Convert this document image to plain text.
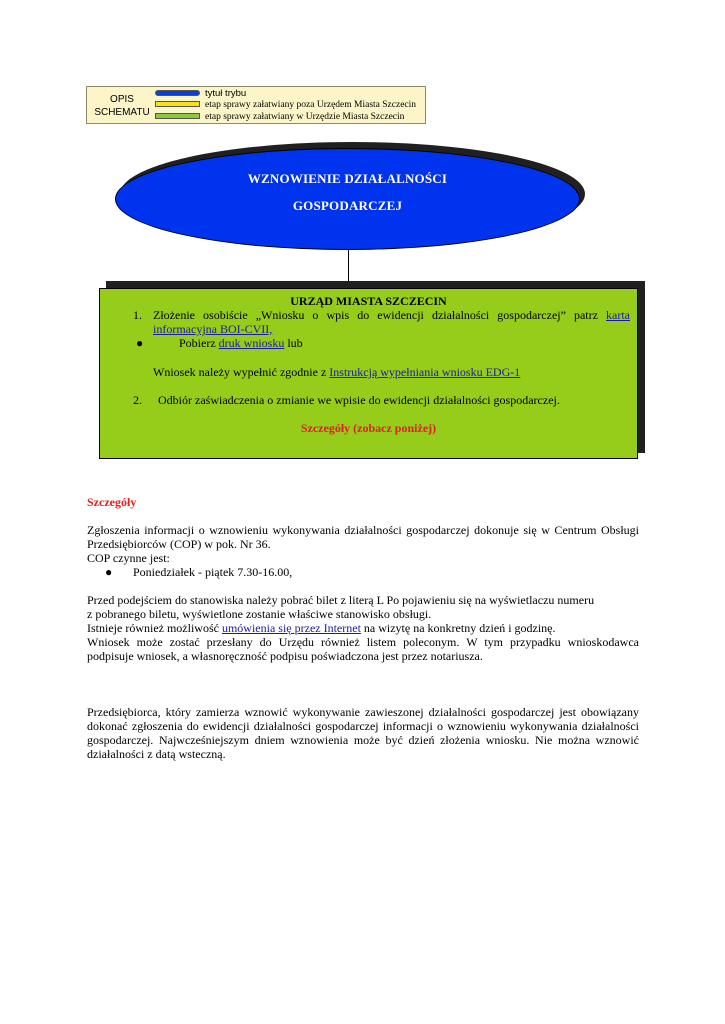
OPIS
SCHEMATU
tytuł trybu
etap sprawy załatwiany poza Urzędem Miasta Szczecin
etap sprawy załatwiany w Urzędzie Miasta Szczecin
WZNOWIENIE DZIAŁALNOŚCI
GOSPODARCZEJ
URZĄD MIASTA SZCZECIN
1. Złożenie osobiście „Wniosku o wpis do ewidencji działalności gospodarczej” patrz karta informacyjna BOI-CVII,
●	Pobierz druk wniosku lub
Wniosek należy wypełnić zgodnie z Instrukcją wypełniania wniosku EDG-1
2. Odbiór zaświadczenia o zmianie we wpisie do ewidencji działalności gospodarczej.
Szczegóły (zobacz poniżej)
Szczegóły
Zgłoszenia informacji o wznowieniu wykonywania działalności gospodarczej dokonuje się w Centrum Obsługi Przedsiębiorców (COP) w pok. Nr 36.
COP czynne jest:
● Poniedziałek - piątek 7.30-16.00,
Przed podejściem do stanowiska należy pobrać bilet z literą L Po pojawieniu się na wyświetlaczu numeru
z pobranego biletu, wyświetlone zostanie właściwe stanowisko obsługi.
Istnieje również możliwość umówienia się przez Internet na wizytę na konkretny dzień i godzinę.
Wniosek może zostać przesłany do Urzędu również listem poleconym. W tym przypadku wnioskodawca podpisuje wniosek, a własnoręczność podpisu poświadczona jest przez notariusza.
Przedsiębiorca, który zamierza wznowić wykonywanie zawieszonej działalności gospodarczej jest obowiązany dokonać zgłoszenia do ewidencji działalności gospodarczej informacji o wznowieniu wykonywania działalności gospodarczej. Najwcześniejszym dniem wznowienia może być dzień złożenia wniosku. Nie można wznowić działalności z datą wsteczną.
